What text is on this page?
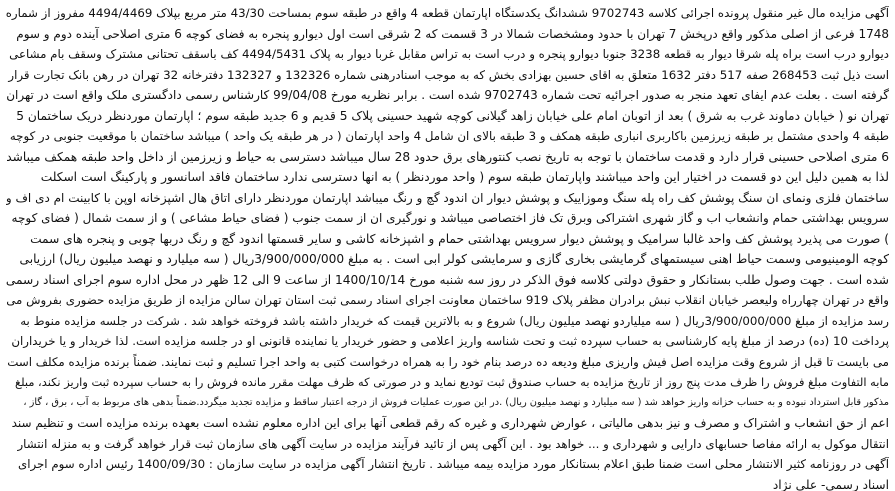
آگهی مزایده مال غیر منقول پرونده اجرائی کلاسه 9702743 ششدانگ یکدستگاه اپارتمان قطعه 4 واقع در طبقه سوم بمساحت 43/30 متر مربع بپلاک 4494/4469 مفروز از شماره
1748 فرعی از اصلی مذکور واقع درپخش 7 تهران با حدود ومشخصات شمالا در 3 قسمت که 2 شرقی است اول دیوارو پنجره به فضای کوچه 6 متری اصلاحی آینده دوم و سوم
دیوارو درب است براه پله شرقا دیوار به قطعه 3238 جنوبا دیوارو پنجره و درب است به تراس مقابل غربا دیوار به پلاک 4494/5431 کف باسقف تحتانی مشترک وسقف بام مشاعی
است ذیل ثبت 268453 صفه 517 دفتر 1632 متعلق به اقای حسین بهزادی بخش که به موجب اسنادرهنی شماره 132326 و 132327 دفترخانه 32 تهران در رهن بانک تجارت قرار
گرفته است . بعلت عدم ایفای تعهد منجر به صدور اجرائیه تحت شماره 9702743 شده است . برابر نظریه مورخ 99/04/08 کارشناس رسمی دادگستری ملک واقع است در تهران
تهران نو ( خیابان دماوند غرب به شرق ) بعد از اتوبان امام علی خیابان زاهد گیلانی کوچه شهید حسینی پلاک 5 قدیم و 6 جدید طبقه سوم ؛ اپارتمان موردنظر دریک ساختمان 5
طبقه 4 واحدی مشتمل بر طبقه زیرزمین باکاربری انباری طبقه همکف و 3 طبقه بالای ان شامل 4 واحد اپارتمان ( در هر طبقه یک واحد ) میباشد ساختمان با موقعیت جنوبی در کوچه
6 متری اصلاحی حسینی قرار دارد و قدمت ساختمان با توجه به تاریخ نصب کنتورهای برق حدود 28 سال میباشد دسترسی به حیاط و زیرزمین از داخل واحد طبقه همکف میباشد
لذا به همین دلیل این دو قسمت در اختیار این واحد میباشند واپارتمان طبقه سوم ( واحد موردنظر ) به انها دسترسی ندارد ساختمان فاقد اسانسور و پارکینگ است اسکلت
ساختمان فلزی ونمای ان سنگ پوشش کف راه پله سنگ وموزاییک و پوشش دیوار ان اندود گچ و رنگ میباشد اپارتمان موردنظر دارای اتاق هال اشپزخانه اوپن با کابینت ام دی اف و
سرویس بهداشتی حمام وانشعاب اب و گاز شهری اشتراکی وبرق تک فاز اختصاصی میباشد و نورگیری ان از سمت جنوب ( فضای حیاط مشاعی ) و از سمت شمال ( فضای کوچه
) صورت می پذیرد پوشش کف واحد غالبا سرامیک و پوشش دیوار سرویس بهداشتی حمام و اشپزخانه کاشی و سایر قسمتها اندود گچ و رنگ دربها چوبی و پنجره های سمت
کوچه الومینیومی وسمت حیاط اهنی سیستمهای گرمایشی بخاری گازی و سرمایشی کولر ابی است . به مبلغ 3/900/000/000ریال ( سه میلیارد و نهصد میلیون ریال) ارزیابی
شده است . جهت وصول طلب بستانکار و حقوق دولتی کلاسه فوق الذکر در روز سه شنبه مورخ 1400/10/14 از ساعت 9 الی 12 ظهر در محل اداره سوم اجرای اسناد رسمی
واقع در تهران چهارراه ولیعصر خیابان انقلاب نبش برادران مظفر پلاک 919 ساختمان معاونت اجرای اسناد رسمی ثبت استان تهران سالن مزایده از طریق مزایده حضوری بفروش می
رسد مزایده از مبلغ 3/900/000/000ریال ( سه میلیاردو نهصد میلیون ریال) شروع و به بالاترین قیمت که خریدار داشته باشد فروخته خواهد شد . شرکت در جلسه مزایده منوط به
پرداخت 10 (ده) درصد از مبلغ پایه کارشناسی به حساب سپرده ثبت و تحت شناسه واریز اعلامی و حضور خریدار یا نماینده قانونی او در جلسه مزایده است. لذا خریدار و یا خریداران
می بایست تا قبل از شروع وقت مزایده اصل فیش واریزی مبلغ ودیعه ده درصد بنام خود را به همراه درخواست کتبی به واحد اجرا تسلیم و ثبت نمایند. ضمناً برنده مزایده مکلف است
مابه التفاوت مبلغ فروش را ظرف مدت پنج روز از تاریخ مزایده به حساب صندوق ثبت تودیع نماید و در صورتی که ظرف مهلت مقرر مانده فروش را به حساب سپرده ثبت واریز نکند، مبلغ
مذکور قابل استرداد نبوده و به حساب خزانه واریز خواهد شد ( سه میلیارد و نهصد میلیون ریال) .در این صورت عملیات فروش از درجه اعتبار ساقط و مزایده تجدید میگردد.ضمناً بدهی های مربوط به آب ، برق ، گاز ،
اعم از حق انشعاب و اشتراک و مصرف و نیز بدهی مالیاتی ، عوارض شهرداری و غیره که رقم قطعی آنها برای این اداره معلوم نشده است بعهده برنده مزایده است و تنظیم سند
انتقال موکول به ارائه مفاصا حسابهای دارایی و شهرداری و ... خواهد بود . این آگهی پس از تائید فرآیند مزایده در سایت آگهی های سازمان ثبت قرار خواهد گرفت و به منزله انتشار
آگهی در روزنامه کثیر الانتشار محلی است ضمنا طبق اعلام بستانکار مورد مزایده بیمه میباشد . تاریخ انتشار آگهی مزایده در سایت سازمان : 1400/09/30 رئیس اداره سوم اجرای
اسناد رسمی- علی نژاد
